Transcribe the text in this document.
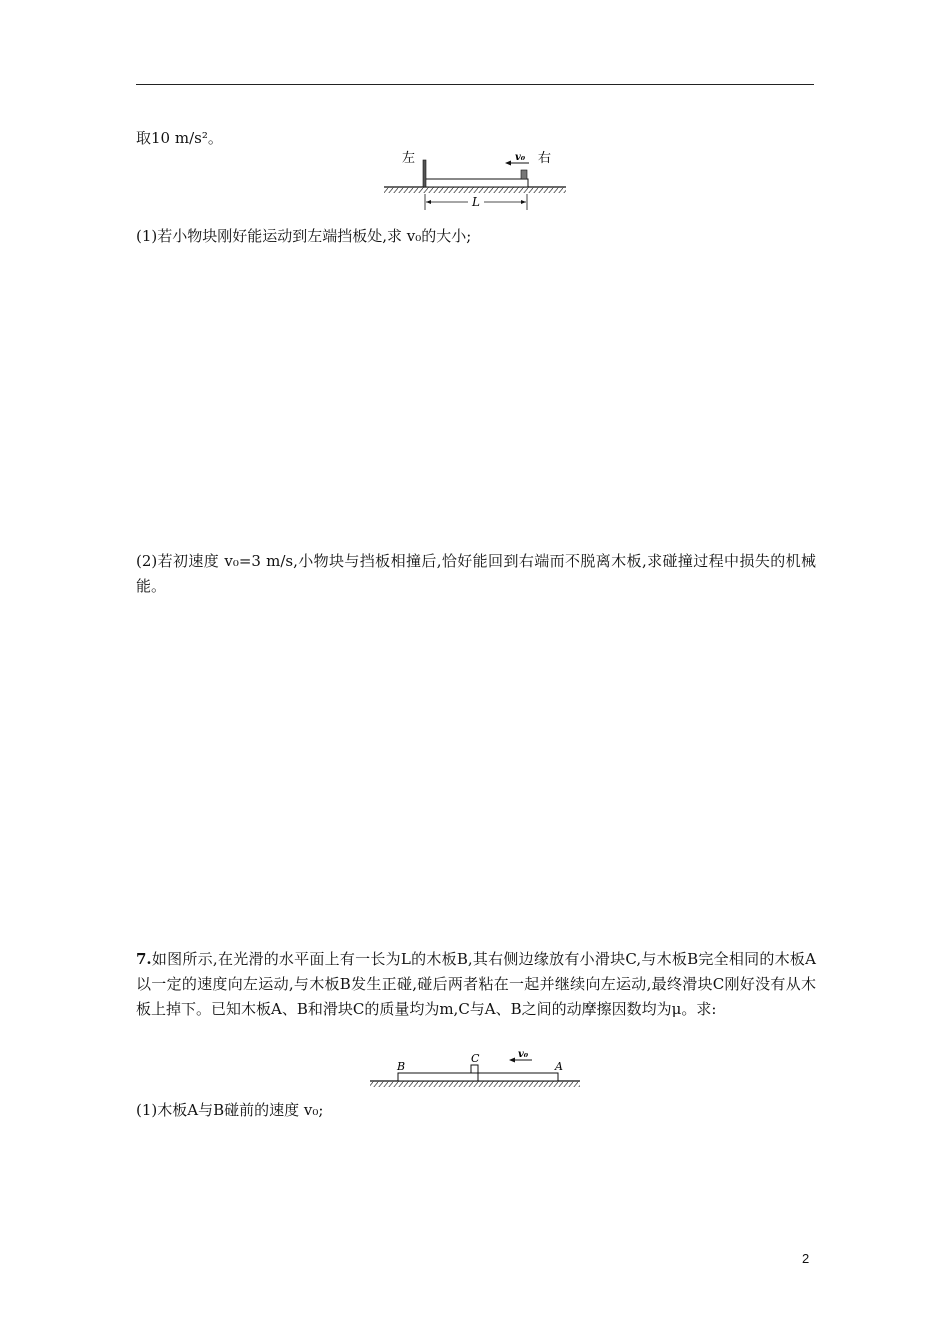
取10 m/s²。
v₀
左	右
L
(1)若小物块刚好能运动到左端挡板处,求 v₀的大小;
(2)若初速度 v₀=3 m/s,小物块与挡板相撞后,恰好能回到右端而不脱离木板,求碰撞过程中损失的机械能。
7.如图所示,在光滑的水平面上有一长为L的木板B,其右侧边缘放有小滑块C,与木板B完全相同的木板A以一定的速度向左运动,与木板B发生正碰,碰后两者粘在一起并继续向左运动,最终滑块C刚好没有从木板上掉下。已知木板A、B和滑块C的质量均为m,C与A、B之间的动摩擦因数均为μ。求:
B
C
A
v₀
(1)木板A与B碰前的速度 v₀;
2
